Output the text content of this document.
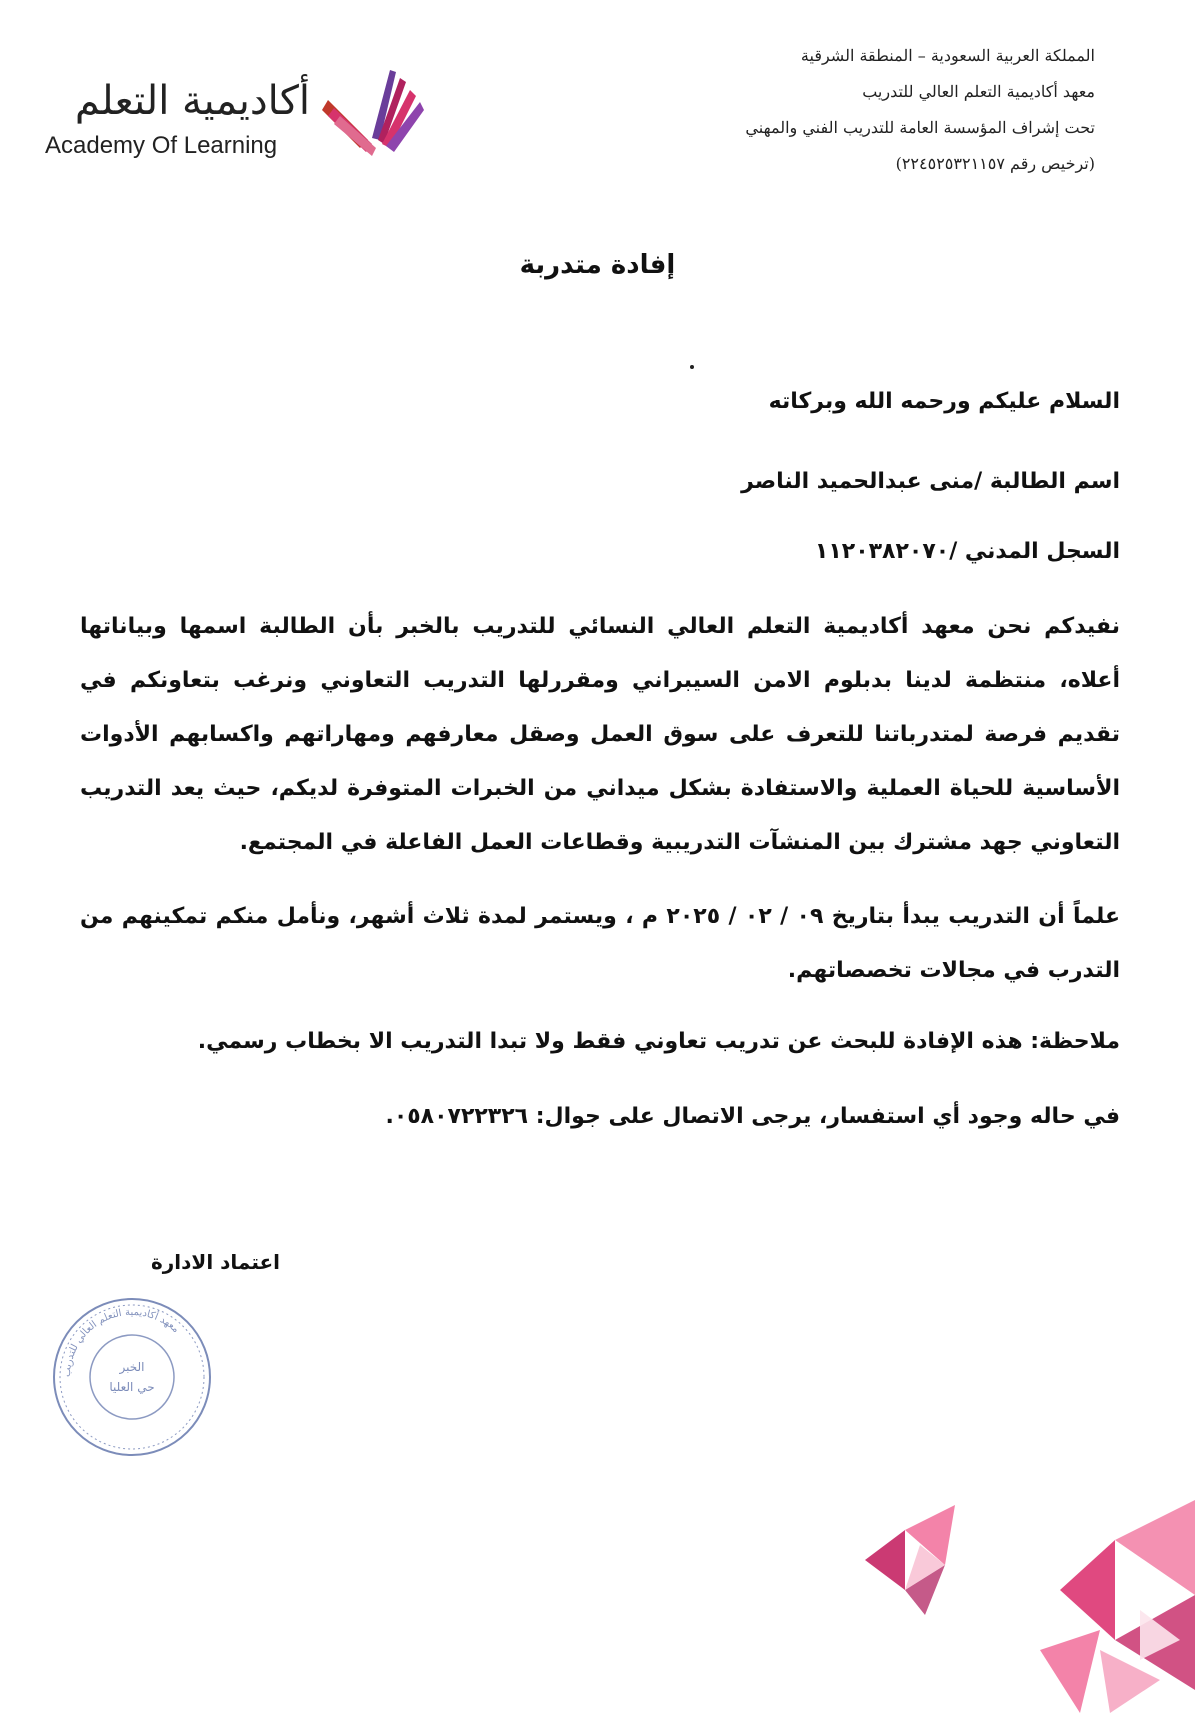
أكاديمية التعلم
Academy Of Learning
المملكة العربية السعودية – المنطقة الشرقية
معهد أكاديمية التعلم العالي للتدريب
تحت إشراف المؤسسة العامة للتدريب الفني والمهني
(ترخيص رقم ٢٢٤٥٢٥٣٢١١٥٧)
إفادة متدربة
السلام عليكم ورحمه الله وبركاته
اسم الطالبة /منى عبدالحميد الناصر
السجل المدني /١١٢٠٣٨٢٠٧٠
نفيدكم نحن معهد أكاديمية التعلم العالي النسائي للتدريب بالخبر بأن الطالبة اسمها وبياناتها أعلاه، منتظمة لدينا بدبلوم الامن السيبراني ومقررلها التدريب التعاوني ونرغب بتعاونكم في تقديم فرصة لمتدرباتنا للتعرف على سوق العمل وصقل معارفهم ومهاراتهم واكسابهم الأدوات الأساسية للحياة العملية والاستفادة بشكل ميداني من الخبرات المتوفرة لديكم، حيث يعد التدريب التعاوني جهد مشترك بين المنشآت التدريبية وقطاعات العمل الفاعلة في المجتمع.
علماً أن التدريب يبدأ بتاريخ ٠٩ / ٠٢ / ٢٠٢٥ م ، ويستمر لمدة ثلاث أشهر، ونأمل منكم تمكينهم من التدرب في مجالات تخصصاتهم.
ملاحظة: هذه الإفادة للبحث عن تدريب تعاوني فقط ولا تبدا التدريب الا بخطاب رسمي.
في حاله وجود أي استفسار، يرجى الاتصال على جوال: ٠٥٨٠٧٢٢٣٢٦.
اعتماد الادارة
معهد أكاديمية التعلم العالي للتدريب
الخبر
حي العليا
